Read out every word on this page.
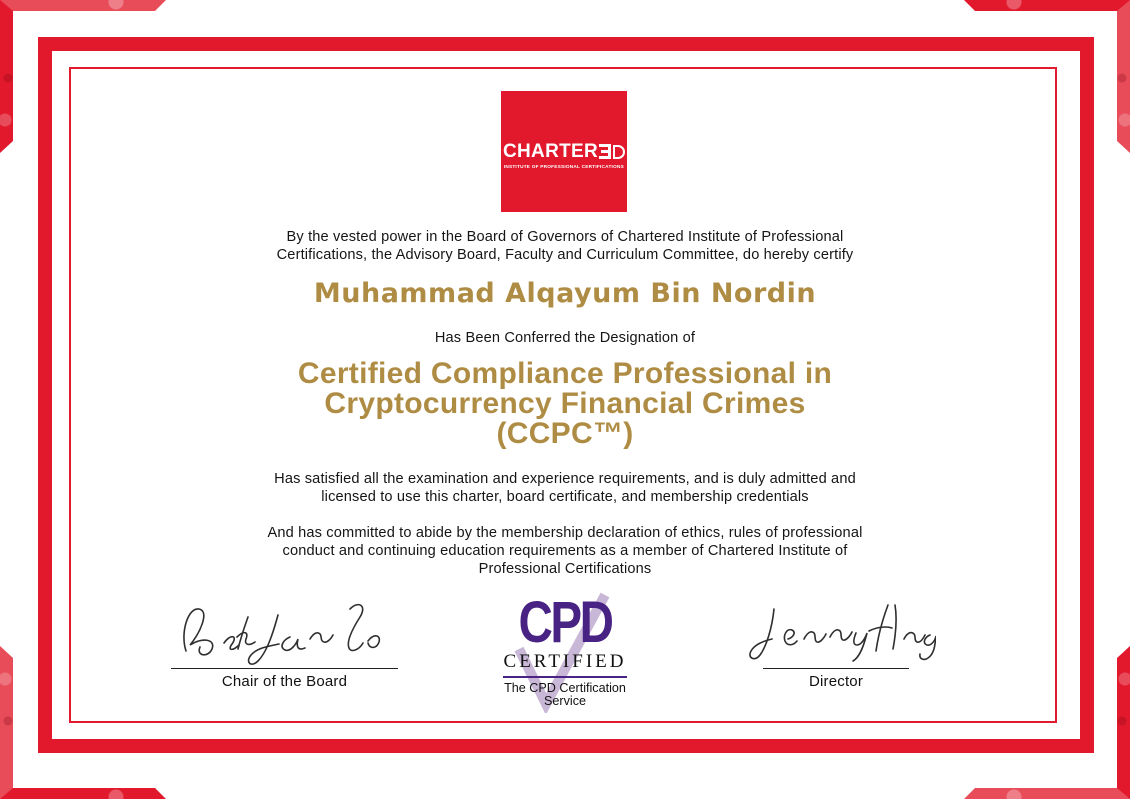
CHARTER
INSTITUTE OF PROFESSIONAL CERTIFICATIONS
By the vested power in the Board of Governors of Chartered Institute of Professional
Certifications, the Advisory Board, Faculty and Curriculum Committee, do hereby certify
Muhammad Alqayum Bin Nordin
Has Been Conferred the Designation of
Certified Compliance Professional in
Cryptocurrency Financial Crimes
(CCPC™)
Has satisfied all the examination and experience requirements, and is duly admitted and
licensed to use this charter, board certificate, and membership credentials
And has committed to abide by the membership declaration of ethics, rules of professional
conduct and continuing education requirements as a member of Chartered Institute of
Professional Certifications
Chair of the Board
CPD
CERTIFIED
The CPD Certification
Service
Director
